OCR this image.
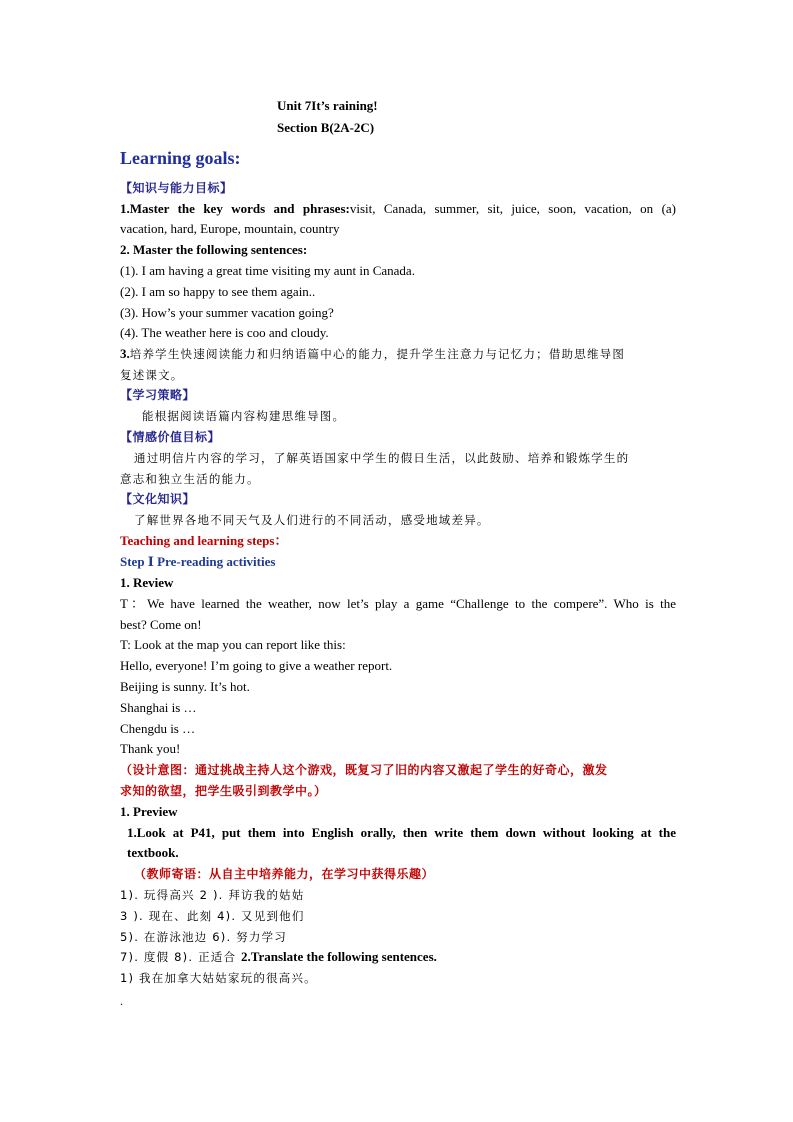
Unit 7It’s raining!
Section B(2A-2C)
Learning goals:
【知识与能力目标】
1.Master the key words and phrases:visit, Canada, summer, sit, juice, soon, vacation, on (a)
vacation, hard, Europe, mountain, country
2. Master the following sentences:
(1). I am having a great time visiting my aunt in Canada.
(2). I am so happy to see them again..
(3). How’s your summer vacation going?
(4). The weather here is coo and cloudy.
3.培养学生快速阅读能力和归纳语篇中心的能力，提升学生注意力与记忆力；借助思维导图
复述课文。
【学习策略】
能根据阅读语篇内容构建思维导图。
【情感价值目标】
通过明信片内容的学习，了解英语国家中学生的假日生活，以此鼓励、培养和锻炼学生的
意志和独立生活的能力。
【文化知识】
了解世界各地不同天气及人们进行的不同活动，感受地域差异。
Teaching and learning steps：
Step Ⅰ Pre-reading activities
1. Review
T：We have learned the weather, now let’s play a game “Challenge to the compere”. Who is the
best? Come on!
T: Look at the map you can report like this:
Hello, everyone! I’m going to give a weather report.
Beijing is sunny. It’s hot.
Shanghai is …
Chengdu is …
Thank you!
（设计意图：通过挑战主持人这个游戏，既复习了旧的内容又激起了学生的好奇心，激发
求知的欲望，把学生吸引到教学中。）
1. Preview
1.Look at P41, put them into English orally, then write them down without looking at the
textbook.
（教师寄语：从自主中培养能力，在学习中获得乐趣）
1). 玩得高兴 2 ). 拜访我的姑姑
3 ). 现在、此刻 4). 又见到他们
5). 在游泳池边 6). 努力学习
7). 度假 8). 正适合 2.Translate the following sentences.
1) 我在加拿大姑姑家玩的很高兴。
.
